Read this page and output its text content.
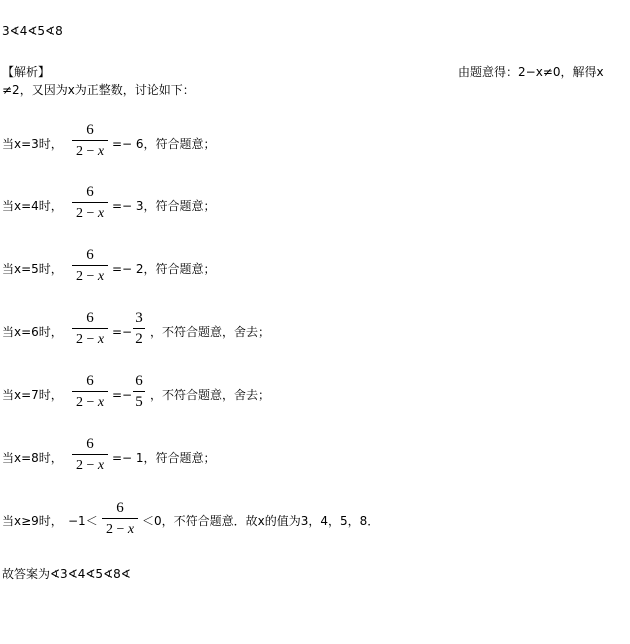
3∢4∢5∢8
【解析】	由题意得：2−x≠0，解得x
≠2，又因为x为正整数，讨论如下：
当x=3时，
6
2 − x =− 6，符合题意；
当x=4时，
6
2 − x =− 3，符合题意；
当x=5时，
6
2 − x =− 2，符合题意；
当x=6时，
6
2 − x =−
3
2 ，不符合题意，舍去；
当x=7时，
6
2 − x =−
6
5 ，不符合题意，舍去；
当x=8时，
6
2 − x =− 1，符合题意；
当x≥9时， −1＜
6
2 − x
＜0，不符合题意．故x的值为3，4，5，8．
故答案为∢3∢4∢5∢8∢
